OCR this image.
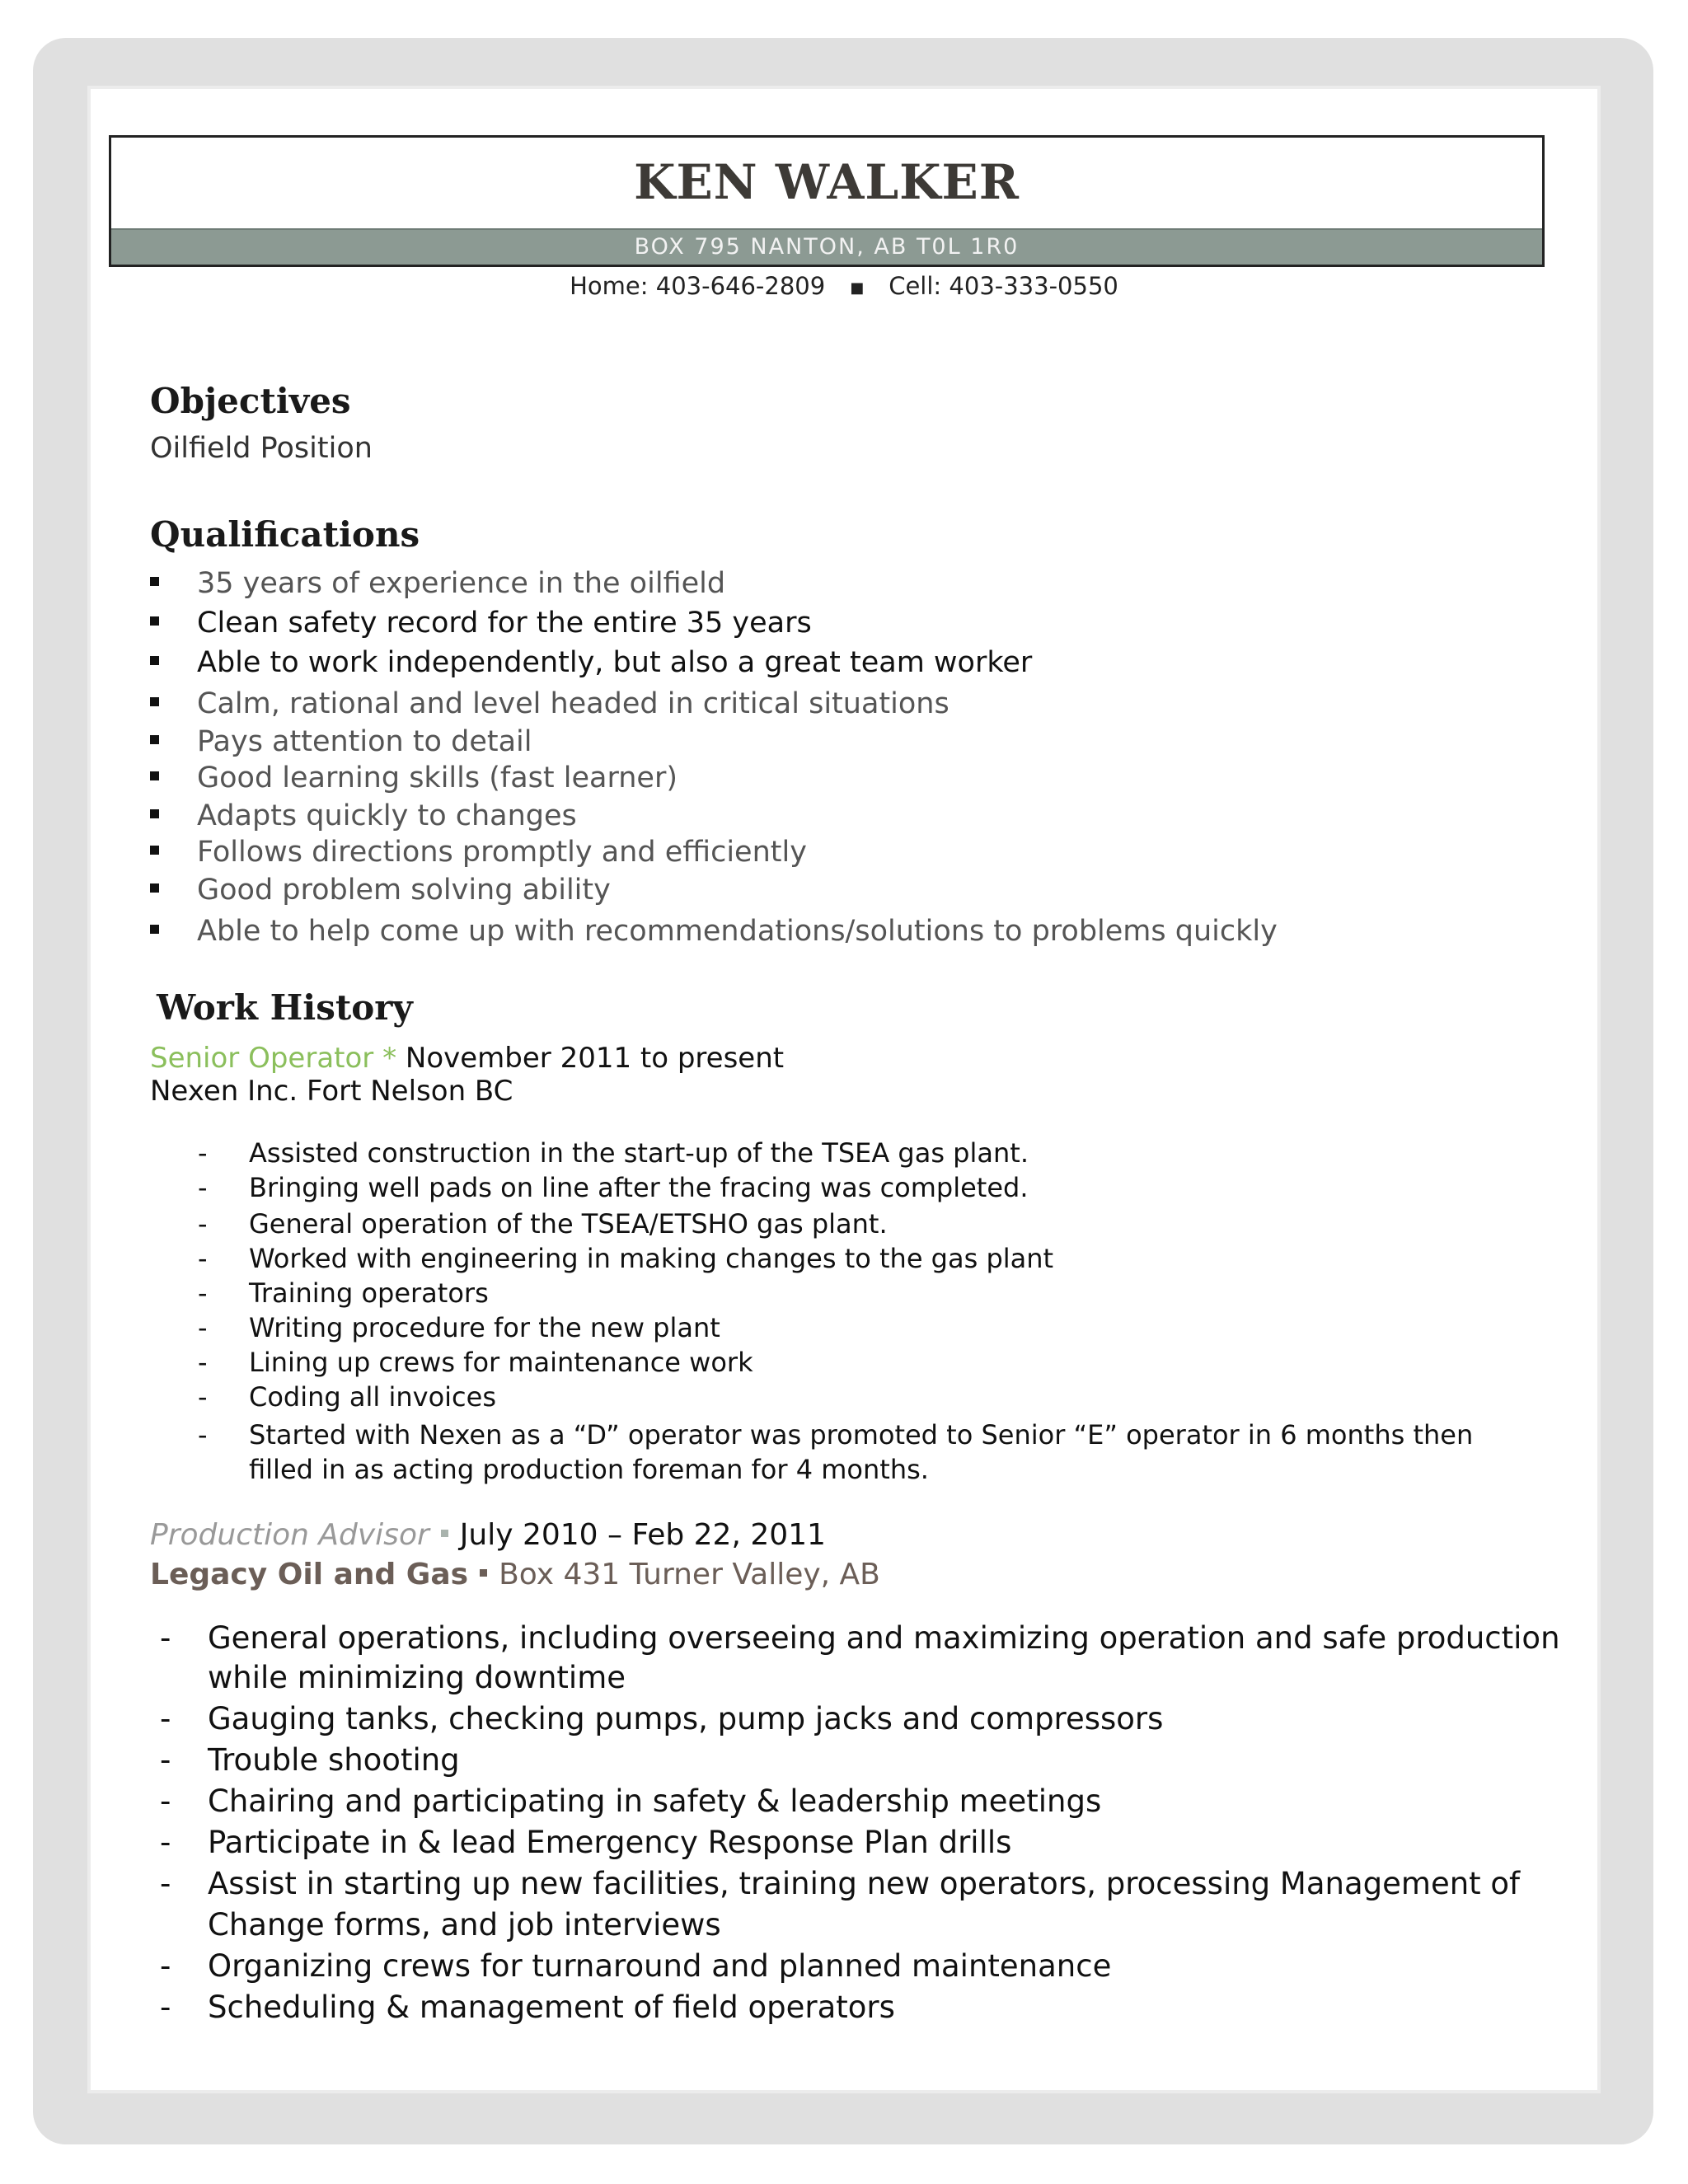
KEN WALKER
BOX 795 NANTON, AB T0L 1R0
Home: 403-646-2809 ■ Cell: 403-333-0550
Objectives
Oilfield Position
Qualifications
35 years of experience in the oilfield
Clean safety record for the entire 35 years
Able to work independently, but also a great team worker
Calm, rational and level headed in critical situations
Pays attention to detail
Good learning skills (fast learner)
Adapts quickly to changes
Follows directions promptly and efficiently
Good problem solving ability
Able to help come up with recommendations/solutions to problems quickly
Work History
Senior Operator * November 2011 to present
Nexen Inc. Fort Nelson BC
- Assisted construction in the start-up of the TSEA gas plant.
- Bringing well pads on line after the fracing was completed.
- General operation of the TSEA/ETSHO gas plant.
- Worked with engineering in making changes to the gas plant
- Training operators
- Writing procedure for the new plant
- Lining up crews for maintenance work
- Coding all invoices
- Started with Nexen as a “D” operator was promoted to Senior “E” operator in 6 months then
filled in as acting production foreman for 4 months.
Production Advisor July 2010 – Feb 22, 2011
Legacy Oil and Gas Box 431 Turner Valley, AB
- General operations, including overseeing and maximizing operation and safe production
while minimizing downtime
- Gauging tanks, checking pumps, pump jacks and compressors
- Trouble shooting
- Chairing and participating in safety & leadership meetings
- Participate in & lead Emergency Response Plan drills
- Assist in starting up new facilities, training new operators, processing Management of
Change forms, and job interviews
- Organizing crews for turnaround and planned maintenance
- Scheduling & management of field operators
